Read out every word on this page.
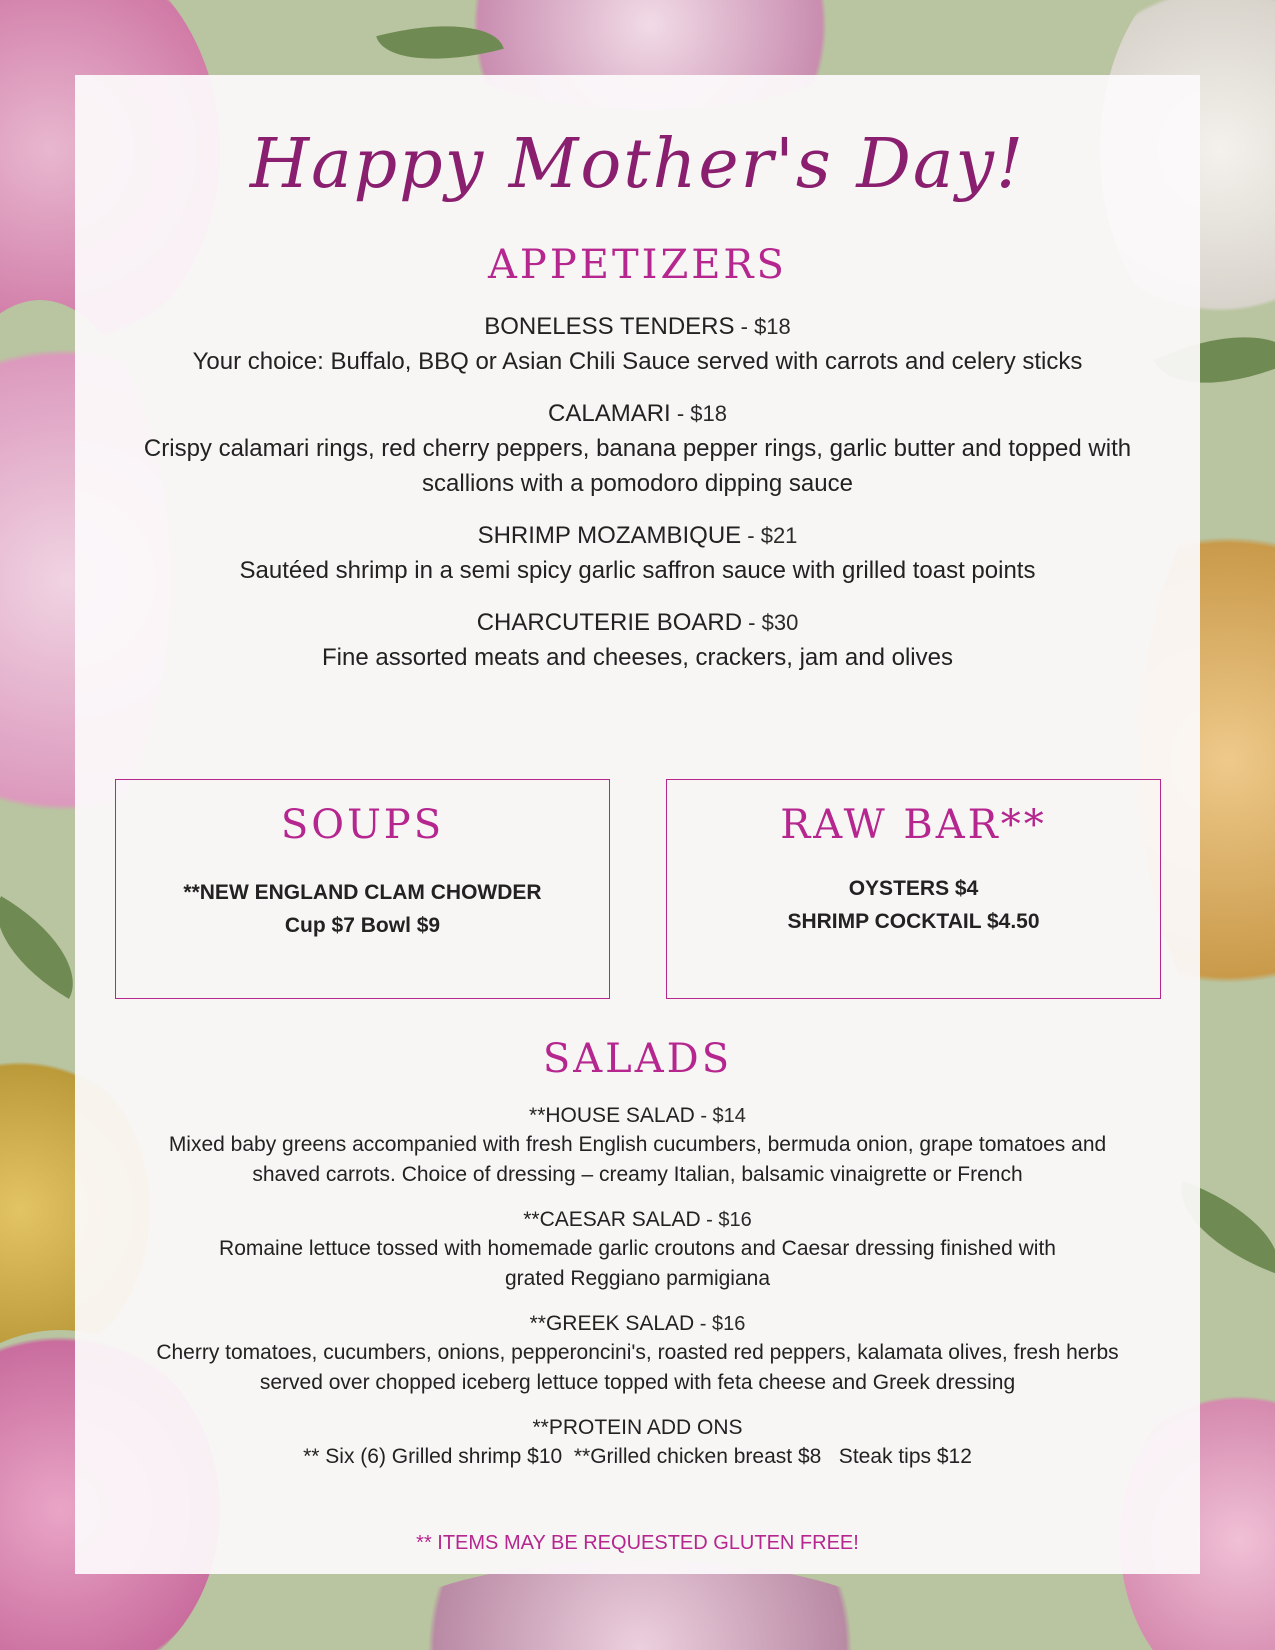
Happy Mother's Day!
APPETIZERS
BONELESS TENDERS - $18
Your choice: Buffalo, BBQ or Asian Chili Sauce served with carrots and celery sticks
CALAMARI - $18
Crispy calamari rings, red cherry peppers, banana pepper rings, garlic butter and topped with scallions with a pomodoro dipping sauce
SHRIMP MOZAMBIQUE - $21
Sautéed shrimp in a semi spicy garlic saffron sauce with grilled toast points
CHARCUTERIE BOARD - $30
Fine assorted meats and cheeses, crackers, jam and olives
SOUPS
**NEW ENGLAND CLAM CHOWDER
Cup $7 Bowl $9
RAW BAR**
OYSTERS $4
SHRIMP COCKTAIL $4.50
SALADS
**HOUSE SALAD - $14
Mixed baby greens accompanied with fresh English cucumbers, bermuda onion, grape tomatoes and shaved carrots. Choice of dressing – creamy Italian, balsamic vinaigrette or French
**CAESAR SALAD - $16
Romaine lettuce tossed with homemade garlic croutons and Caesar dressing finished with grated Reggiano parmigiana
**GREEK SALAD - $16
Cherry tomatoes, cucumbers, onions, pepperoncini's, roasted red peppers, kalamata olives, fresh herbs served over chopped iceberg lettuce topped with feta cheese and Greek dressing
**PROTEIN ADD ONS
** Six (6) Grilled shrimp $10  **Grilled chicken breast $8   Steak tips $12
** ITEMS MAY BE REQUESTED GLUTEN FREE!
